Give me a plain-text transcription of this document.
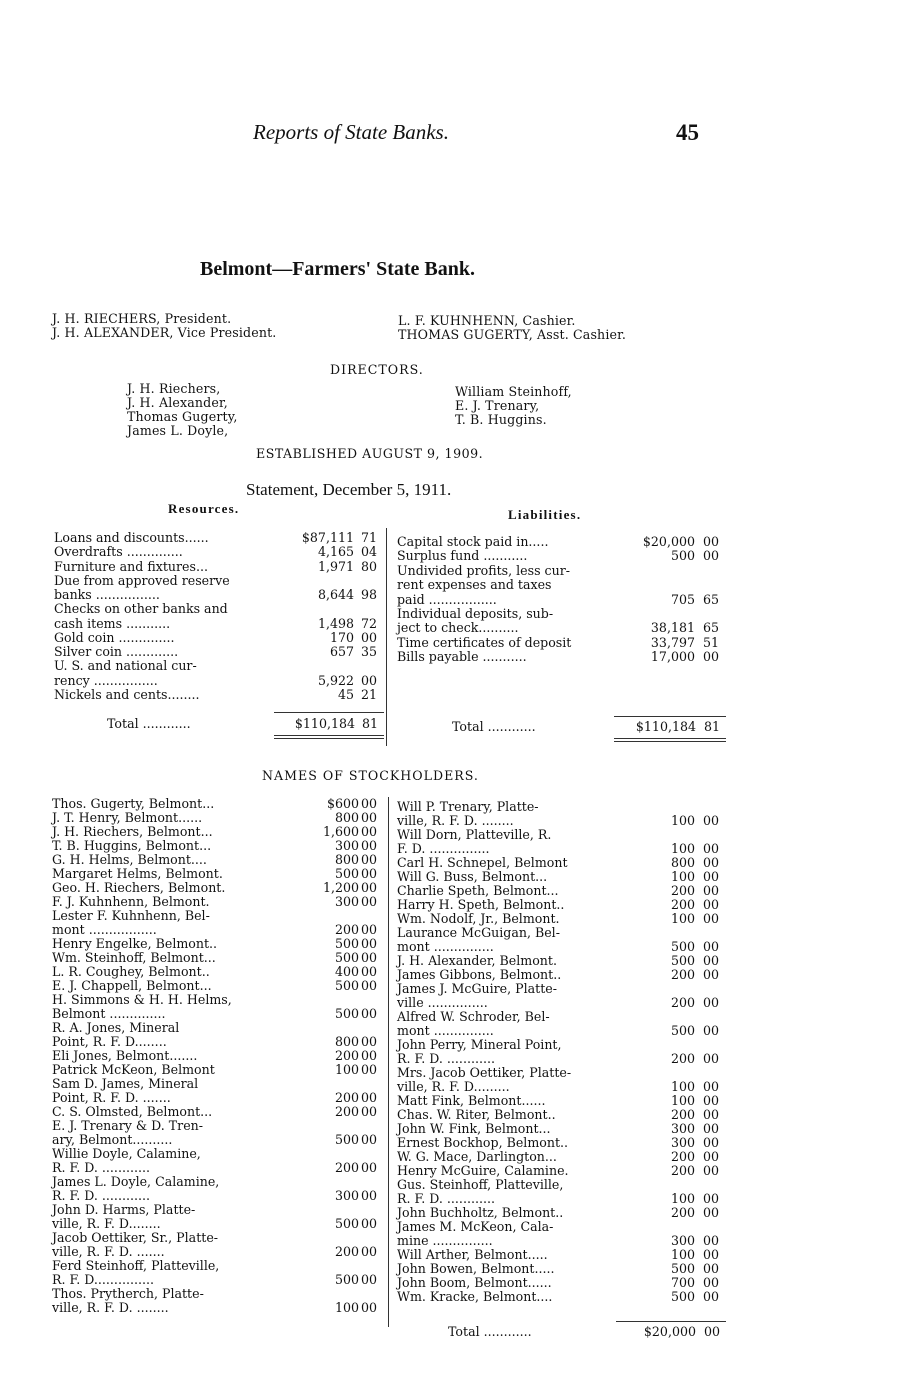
Reports of State Banks.	45
Belmont—Farmers' State Bank.
J. H. RIECHERS, President.
J. H. ALEXANDER, Vice President.
L. F. KUHNHENN, Cashier.
THOMAS GUGERTY, Asst. Cashier.
DIRECTORS.
J. H. Riechers,
J. H. Alexander,
Thomas Gugerty,
James L. Doyle,
William Steinhoff,
E. J. Trenary,
T. B. Huggins.
ESTABLISHED AUGUST 9, 1909.
Statement, December 5, 1911.
Resources.	Liabilities.
Loans and discounts......	$87,111 71
Overdrafts ..............	4,165 04
Furniture and fixtures...	1,971 80
Due from approved reserve
banks ................	8,644 98
Checks on other banks and
cash items ...........	1,498 72
Gold coin ..............	170 00
Silver coin .............	657 35
U. S. and national cur-
rency ................	5,922 00
Nickels and cents........	45 21
Total ............	$110,184 81
Capital stock paid in.....	$20,000 00
Surplus fund ...........	500 00
Undivided profits, less cur-
rent expenses and taxes
paid .................	705 65
Individual deposits, sub-
ject to check..........	38,181 65
Time certificates of deposit	33,797 51
Bills payable ...........	17,000 00
Total ............	$110,184 81
NAMES OF STOCKHOLDERS.
Thos. Gugerty, Belmont...	$600 00
J. T. Henry, Belmont......	800 00
J. H. Riechers, Belmont...	1,600 00
T. B. Huggins, Belmont...	300 00
G. H. Helms, Belmont....	800 00
Margaret Helms, Belmont.	500 00
Geo. H. Riechers, Belmont.	1,200 00
F. J. Kuhnhenn, Belmont.	300 00
Lester F. Kuhnhenn, Bel-
mont .................	200 00
Henry Engelke, Belmont..	500 00
Wm. Steinhoff, Belmont...	500 00
L. R. Coughey, Belmont..	400 00
E. J. Chappell, Belmont...	500 00
H. Simmons & H. H. Helms,
Belmont ..............	500 00
R. A. Jones, Mineral
Point, R. F. D........	800 00
Eli Jones, Belmont.......	200 00
Patrick McKeon, Belmont	100 00
Sam D. James, Mineral
Point, R. F. D. .......	200 00
C. S. Olmsted, Belmont...	200 00
E. J. Trenary & D. Tren-
ary, Belmont..........	500 00
Willie Doyle, Calamine,
R. F. D. ............	200 00
James L. Doyle, Calamine,
R. F. D. ............	300 00
John D. Harms, Platte-
ville, R. F. D........	500 00
Jacob Oettiker, Sr., Platte-
ville, R. F. D. .......	200 00
Ferd Steinhoff, Platteville,
R. F. D...............	500 00
Thos. Prytherch, Platte-
ville, R. F. D. ........	100 00
Will P. Trenary, Platte-
ville, R. F. D. ........	100 00
Will Dorn, Platteville, R.
F. D. ...............	100 00
Carl H. Schnepel, Belmont	800 00
Will G. Buss, Belmont...	100 00
Charlie Speth, Belmont...	200 00
Harry H. Speth, Belmont..	200 00
Wm. Nodolf, Jr., Belmont.	100 00
Laurance McGuigan, Bel-
mont ...............	500 00
J. H. Alexander, Belmont.	500 00
James Gibbons, Belmont..	200 00
James J. McGuire, Platte-
ville ...............	200 00
Alfred W. Schroder, Bel-
mont ...............	500 00
John Perry, Mineral Point,
R. F. D. ............	200 00
Mrs. Jacob Oettiker, Platte-
ville, R. F. D.........	100 00
Matt Fink, Belmont......	100 00
Chas. W. Riter, Belmont..	200 00
John W. Fink, Belmont...	300 00
Ernest Bockhop, Belmont..	300 00
W. G. Mace, Darlington...	200 00
Henry McGuire, Calamine.	200 00
Gus. Steinhoff, Platteville,
R. F. D. ............	100 00
John Buchholtz, Belmont..	200 00
James M. McKeon, Cala-
mine ...............	300 00
Will Arther, Belmont.....	100 00
John Bowen, Belmont.....	500 00
John Boom, Belmont......	700 00
Wm. Kracke, Belmont....	500 00
Total ............	$20,000 00
